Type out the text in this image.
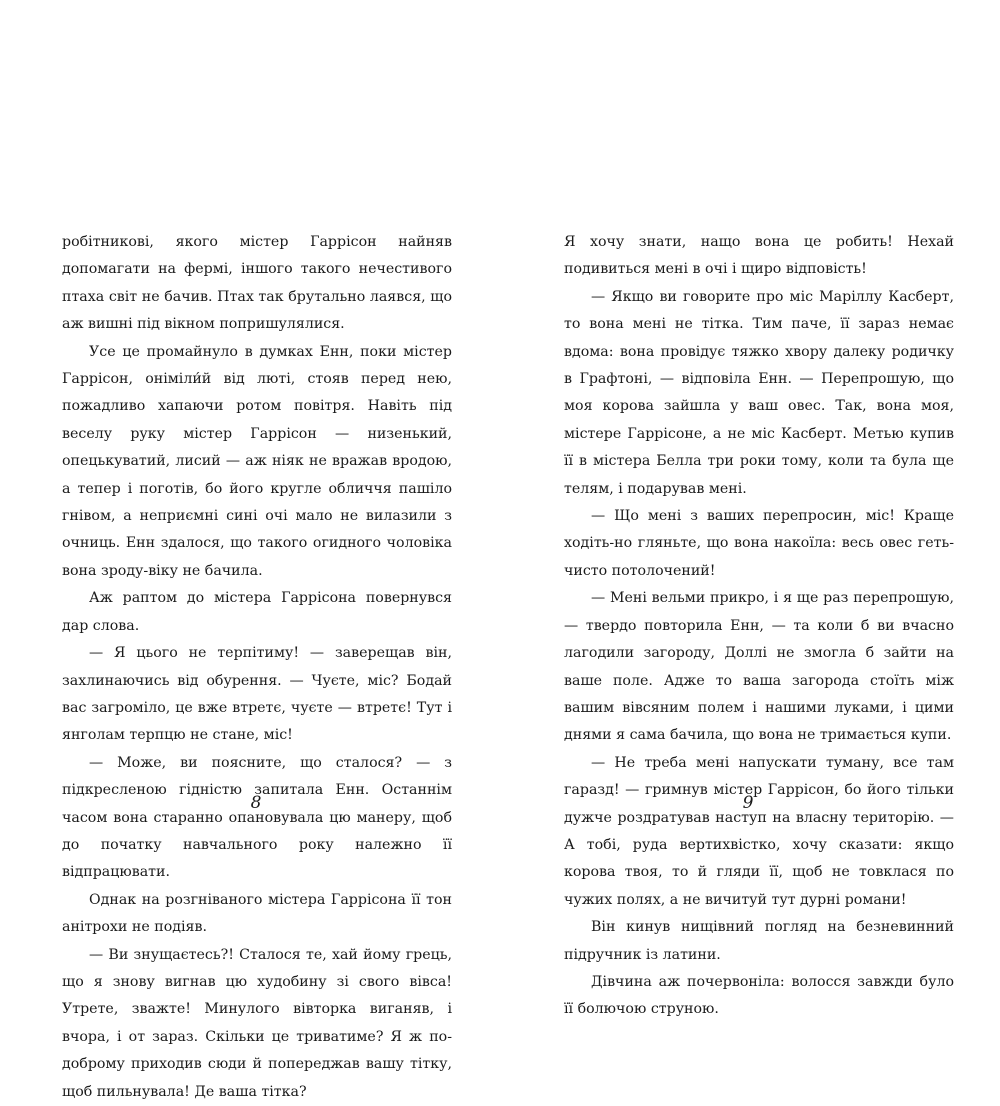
робітникові, якого містер Гаррісон найняв допомагати на фермі, іншого такого нечестивого птаха світ не бачив. Птах так брутально лаявся, що аж вишні під вікном попришулялися.

Усе це промайнуло в думках Енн, поки містер Гаррісон, оніміли́й від люті, стояв перед нею, пожадливо хапаючи ротом повітря. Навіть під веселу руку містер Гаррісон — низенький, опецькуватий, лисий — аж ніяк не вражав вродою, а тепер і поготів, бо його кругле обличчя пашіло гнівом, а неприємні сині очі мало не вилазили з очниць. Енн здалося, що такого огидного чоловіка вона зроду-віку не бачила.

Аж раптом до містера Гаррісона повернувся дар слова.

— Я цього не терпітиму! — заверещав він, захлинаючись від обурення. — Чуєте, міс? Бодай вас загроміло, це вже втретє, чуєте — втретє! Тут і янголам терпцю не стане, міс!

— Може, ви поясните, що сталося? — з підкресленою гідністю запитала Енн. Останнім часом вона старанно опановувала цю манеру, щоб до початку навчального року належно її відпрацювати.

Однак на розгніваного містера Гаррісона її тон анітрохи не подіяв.

— Ви знущаєтесь?! Сталося те, хай йому грець, що я знову вигнав цю худобину зі свого вівса! Утрете, зважте! Минулого вівторка виганяв, і вчора, і от зараз. Скільки це триватиме? Я ж по-доброму приходив сюди й попереджав вашу тітку, щоб пильнувала! Де ваша тітка?

8

Я хочу знати, нащо вона це робить! Нехай подивиться мені в очі і щиро відповість!

— Якщо ви говорите про міс Маріллу Касберт, то вона мені не тітка. Тим паче, її зараз немає вдома: вона провідує тяжко хвору далеку родичку в Графтоні, — відповіла Енн. — Перепрошую, що моя корова зайшла у ваш овес. Так, вона моя, містере Гаррісоне, а не міс Касберт. Метью купив її в містера Белла три роки тому, коли та була ще телям, і подарував мені.

— Що мені з ваших перепросин, міс! Краще ходіть-но гляньте, що вона накоїла: весь овес геть-чисто потолочений!

— Мені вельми прикро, і я ще раз перепрошую, — твердо повторила Енн, — та коли б ви вчасно лагодили загороду, Доллі не змогла б зайти на ваше поле. Адже то ваша загорода стоїть між вашим вівсяним полем і нашими луками, і цими днями я сама бачила, що вона не тримається купи.

— Не треба мені напускати туману, все там гаразд! — гримнув містер Гаррісон, бо його тільки дужче роздратував наступ на власну територію. — А тобі, руда вертихвістко, хочу сказати: якщо корова твоя, то й гляди її, щоб не товклася по чужих полях, а не вичитуй тут дурні романи!

Він кинув нищівний погляд на безневинний підручник із латини.

Дівчина аж почервоніла: волосся завжди було її болючою струною.

9
